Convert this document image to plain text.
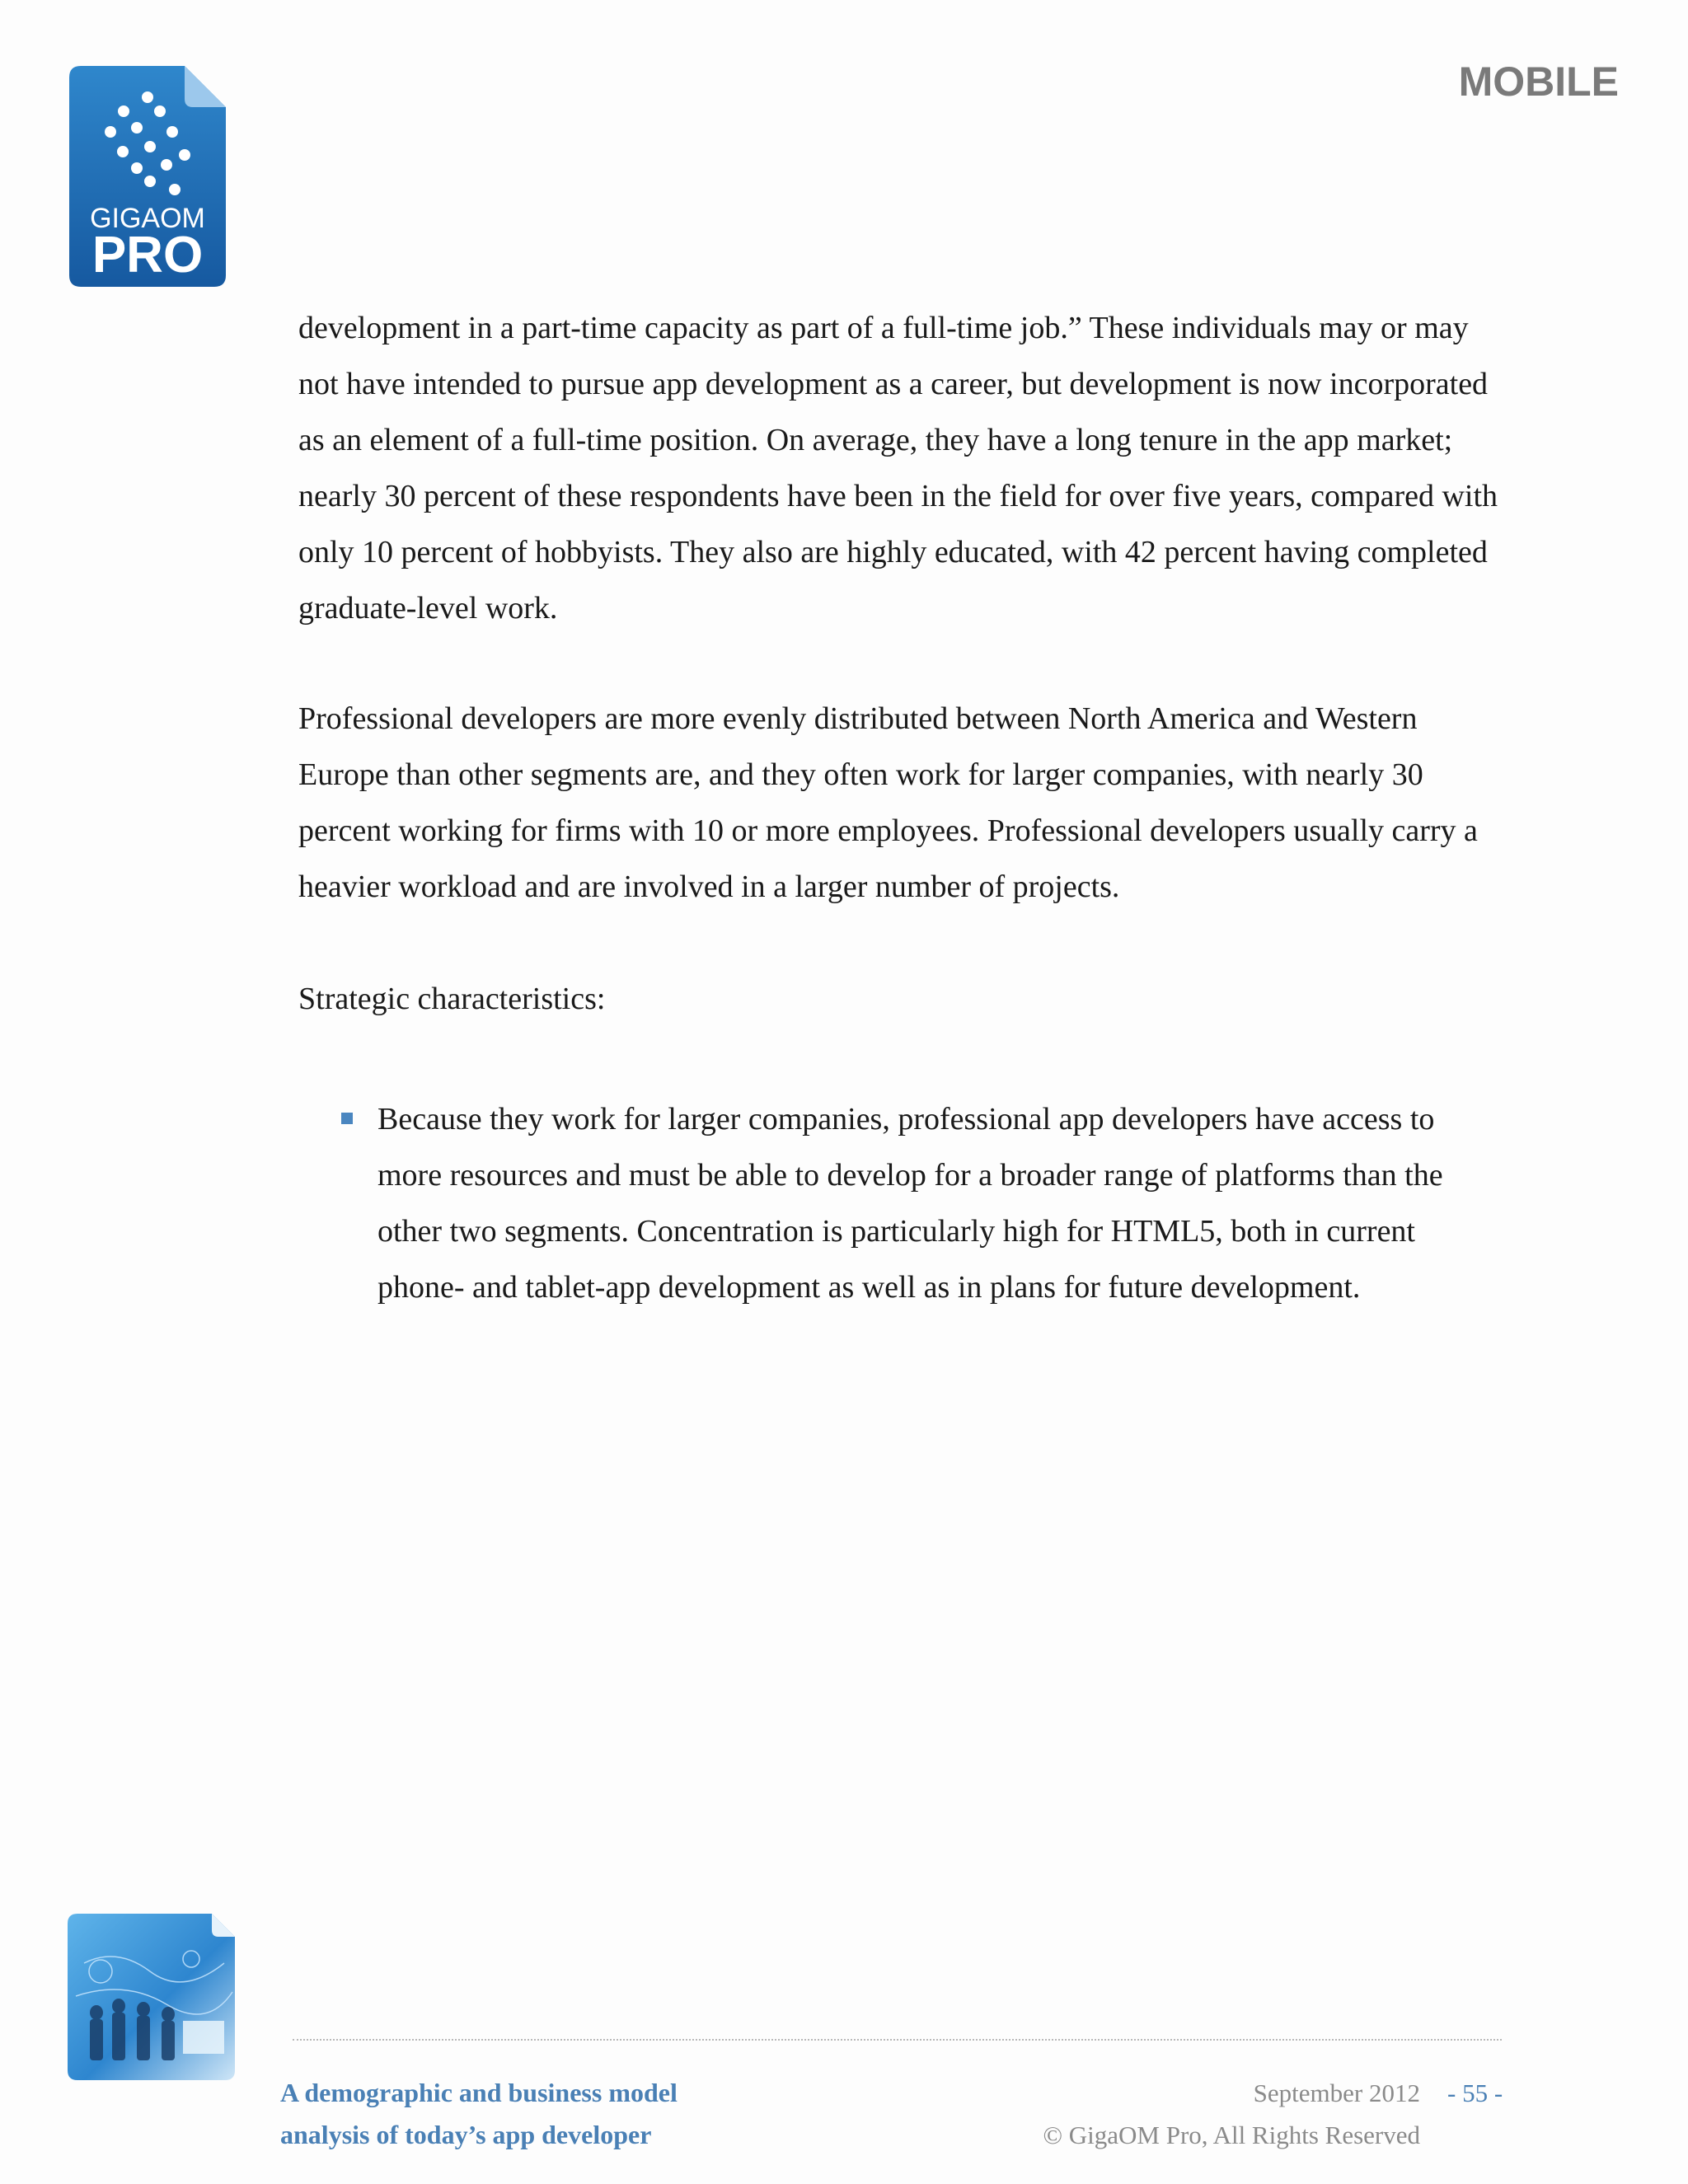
GIGAOM
PRO
MOBILE

development in a part-time capacity as part of a full-time job.” These individuals may or may not have intended to pursue app development as a career, but development is now incorporated as an element of a full-time position. On average, they have a long tenure in the app market; nearly 30 percent of these respondents have been in the field for over five years, compared with only 10 percent of hobbyists. They also are highly educated, with 42 percent having completed graduate-level work.

Professional developers are more evenly distributed between North America and Western Europe than other segments are, and they often work for larger companies, with nearly 30 percent working for firms with 10 or more employees. Professional developers usually carry a heavier workload and are involved in a larger number of projects.

Strategic characteristics:

Because they work for larger companies, professional app developers have access to more resources and must be able to develop for a broader range of platforms than the other two segments. Concentration is particularly high for HTML5, both in current phone- and tablet-app development as well as in plans for future development.
A demographic and business model
analysis of today’s app developer
September 2012 - 55 -
© GigaOM Pro, All Rights Reserved
